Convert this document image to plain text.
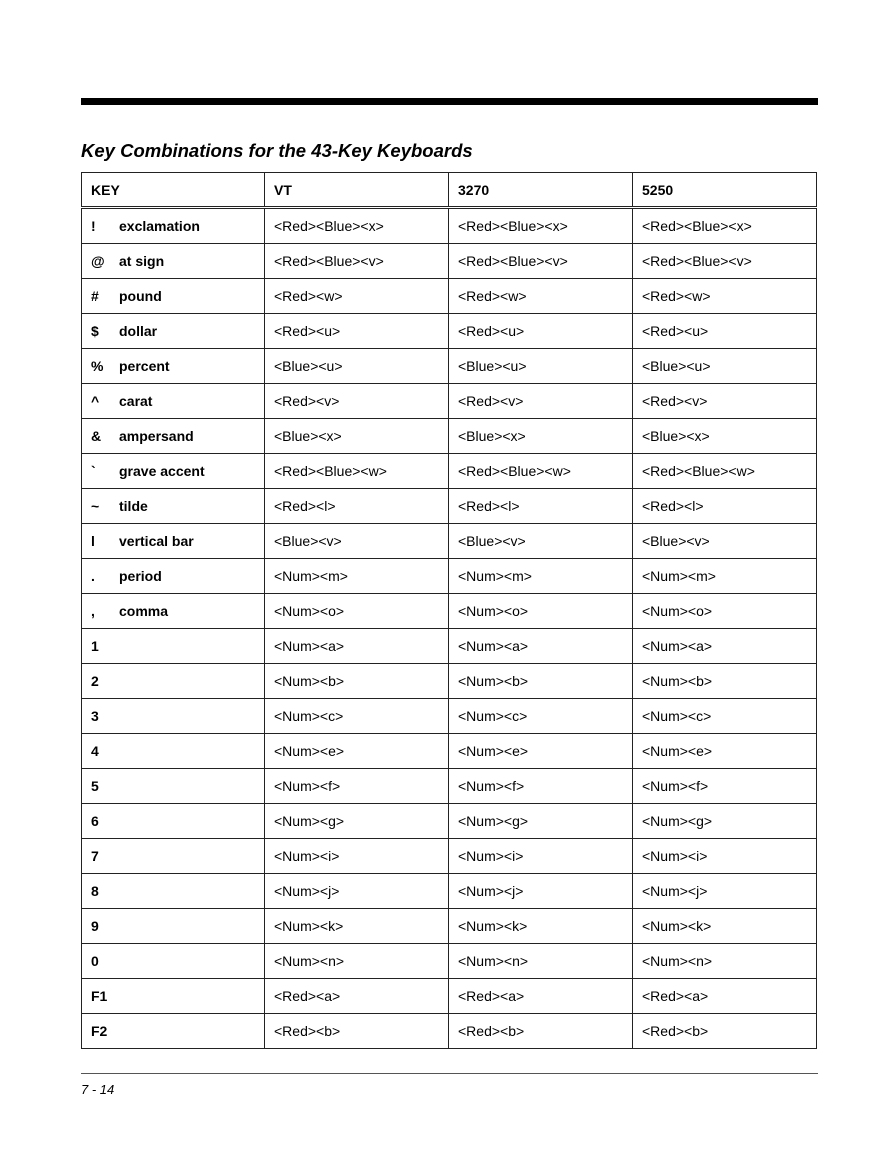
Key Combinations for the 43-Key Keyboards
KEY	VT	3270	5250
! exclamation	<Red><Blue><x>	<Red><Blue><x>	<Red><Blue><x>
@ at sign	<Red><Blue><v>	<Red><Blue><v>	<Red><Blue><v>
# pound	<Red><w>	<Red><w>	<Red><w>
$ dollar	<Red><u>	<Red><u>	<Red><u>
% percent	<Blue><u>	<Blue><u>	<Blue><u>
^ carat	<Red><v>	<Red><v>	<Red><v>
& ampersand	<Blue><x>	<Blue><x>	<Blue><x>
` grave accent	<Red><Blue><w>	<Red><Blue><w>	<Red><Blue><w>
~ tilde	<Red><l>	<Red><l>	<Red><l>
l vertical bar	<Blue><v>	<Blue><v>	<Blue><v>
. period	<Num><m>	<Num><m>	<Num><m>
, comma	<Num><o>	<Num><o>	<Num><o>
1	<Num><a>	<Num><a>	<Num><a>
2	<Num><b>	<Num><b>	<Num><b>
3	<Num><c>	<Num><c>	<Num><c>
4	<Num><e>	<Num><e>	<Num><e>
5	<Num><f>	<Num><f>	<Num><f>
6	<Num><g>	<Num><g>	<Num><g>
7	<Num><i>	<Num><i>	<Num><i>
8	<Num><j>	<Num><j>	<Num><j>
9	<Num><k>	<Num><k>	<Num><k>
0	<Num><n>	<Num><n>	<Num><n>
F1	<Red><a>	<Red><a>	<Red><a>
F2	<Red><b>	<Red><b>	<Red><b>
7 - 14
